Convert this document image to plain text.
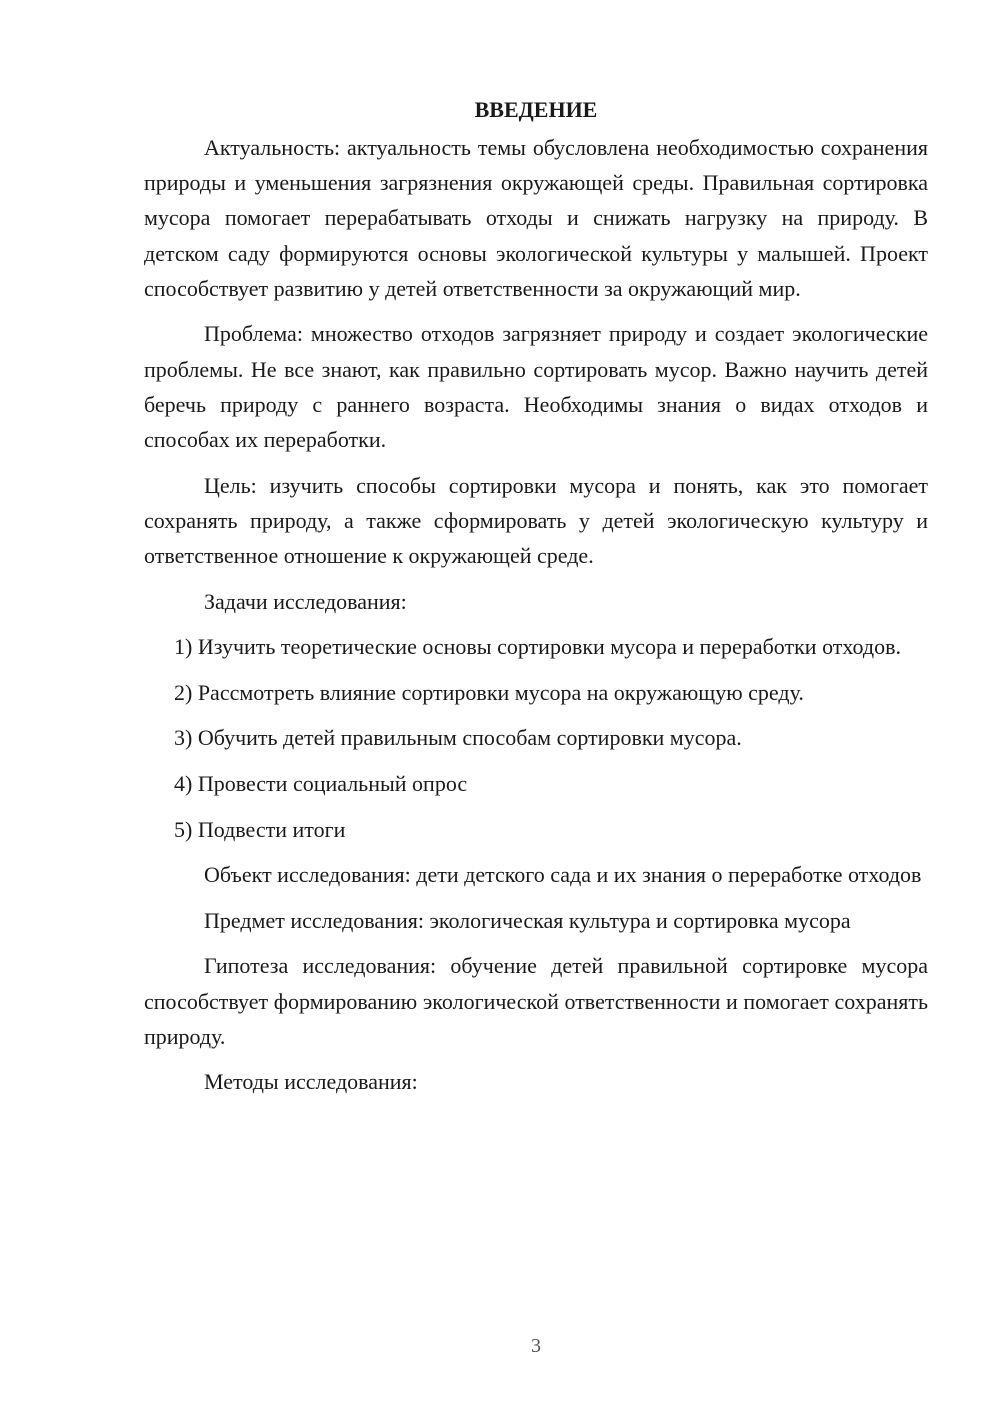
ВВЕДЕНИЕ

Актуальность: актуальность темы обусловлена необходимостью сохранения природы и уменьшения загрязнения окружающей среды. Правильная сортировка мусора помогает перерабатывать отходы и снижать нагрузку на природу. В детском саду формируются основы экологической культуры у малышей. Проект способствует развитию у детей ответственности за окружающий мир.

Проблема: множество отходов загрязняет природу и создает экологические проблемы. Не все знают, как правильно сортировать мусор. Важно научить детей беречь природу с раннего возраста. Необходимы знания о видах отходов и способах их переработки.

Цель: изучить способы сортировки мусора и понять, как это помогает сохранять природу, а также сформировать у детей экологическую культуру и ответственное отношение к окружающей среде.

Задачи исследования:

1) Изучить теоретические основы сортировки мусора и переработки отходов.

2) Рассмотреть влияние сортировки мусора на окружающую среду.

3) Обучить детей правильным способам сортировки мусора.

4) Провести социальный опрос

5) Подвести итоги

Объект исследования: дети детского сада и их знания о переработке отходов

Предмет исследования: экологическая культура и сортировка мусора

Гипотеза исследования: обучение детей правильной сортировке мусора способствует формированию экологической ответственности и помогает сохранять природу.

Методы исследования:

3
